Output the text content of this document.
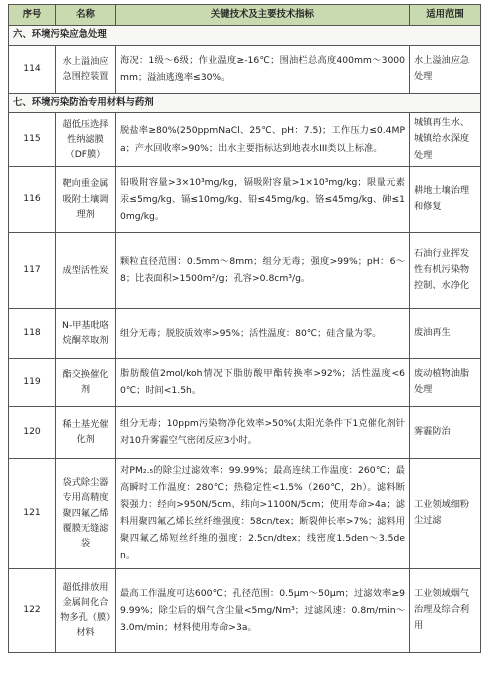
序号	名称	关键技术及主要技术指标	适用范围
六、环境污染应急处理			
114	水上溢油应急围控装置	海况：1级～6级；作业温度≥-16℃；围油栏总高度400mm～3000mm；溢油逃逸率≤30%。	水上溢油应急处理
七、环境污染防治专用材料与药剂			
115	超低压选择性纳滤膜（DF膜）	脱盐率≥80%(250ppmNaCl、25℃、pH：7.5)；工作压力≤0.4MPa；产水回收率>90%；出水主要指标达到地表水III类以上标准。	城镇再生水、城镇给水深度处理
116	靶向重金属吸附土壤调理剂	铅吸附容量>3×10³mg/kg，镉吸附容量>1×10³mg/kg；限量元素汞≤5mg/kg、镉≤10mg/kg、铅≤45mg/kg、铬≤45mg/kg、砷≤10mg/kg。	耕地土壤治理和修复
117	成型活性炭	颗粒直径范围：0.5mm～8mm；组分无毒；强度>99%；pH：6～8；比表面积>1500m²/g；孔容>0.8cm³/g。	石油行业挥发性有机污染物控制、水净化
118	N-甲基吡咯烷酮萃取剂	组分无毒；脱胶质效率>95%；活性温度：80℃；硅含量为零。	废油再生
119	酯交换催化剂	脂肪酸值2mol/koh情况下脂肪酸甲酯转换率>92%；活性温度<60℃；时间<1.5h。	废动植物油脂处理
120	稀土基光催化剂	组分无毒；10ppm污染物净化效率>50%(太阳光条件下1克催化剂针对10升雾霾空气密闭反应3小时。	雾霾防治
121	袋式除尘器专用高精度聚四氟乙烯覆膜无缝滤袋	对PM₂.₅的除尘过滤效率：99.99%；最高连续工作温度：260℃；最高瞬时工作温度：280℃；热稳定性<1.5%（260℃，2h）。滤料断裂强力：经向>950N/5cm、纬向>1100N/5cm；使用寿命>4a；滤料用聚四氟乙烯长丝纤维强度：58cn/tex；断裂伸长率>7%；滤料用聚四氟乙烯短丝纤维的强度：2.5cn/dtex；线密度1.5den～3.5den。	工业领域细粉尘过滤
122	超低排放用金属间化合物多孔（膜）材料	最高工作温度可达600℃；孔径范围：0.5μm～50μm；过滤效率≥99.99%；除尘后的烟气含尘量<5mg/Nm³；过滤风速：0.8m/min～3.0m/min；材料使用寿命>3a。	工业领域烟气治理及综合利用
